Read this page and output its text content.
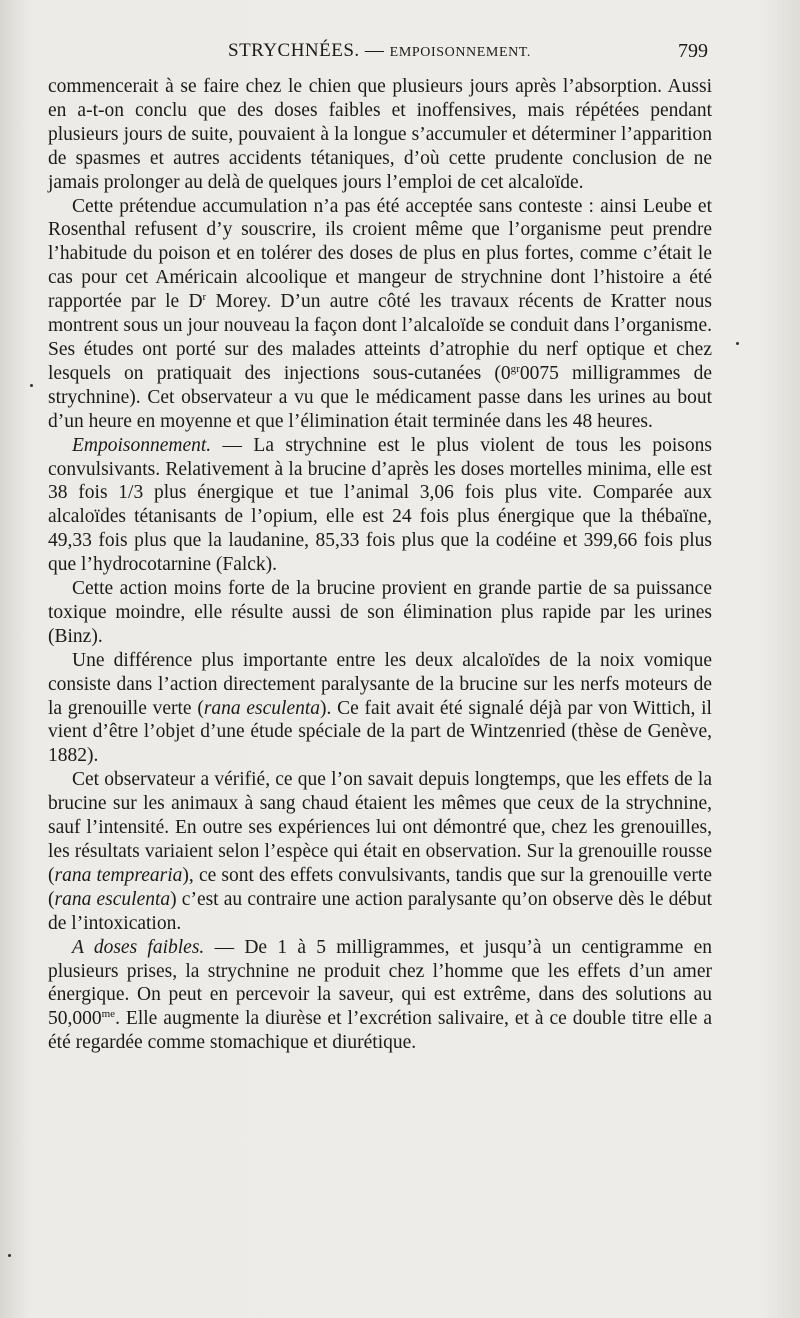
STRYCHNÉES. — EMPOISONNEMENT.	799

commencerait à se faire chez le chien que plusieurs jours après l’absorption. Aussi en a-t-on conclu que des doses faibles et inoffensives, mais répétées pendant plusieurs jours de suite, pouvaient à la longue s’accumuler et déterminer l’apparition de spasmes et autres accidents tétaniques, d’où cette prudente conclusion de ne jamais prolonger au delà de quelques jours l’emploi de cet alcaloïde.

Cette prétendue accumulation n’a pas été acceptée sans conteste : ainsi Leube et Rosenthal refusent d’y souscrire, ils croient même que l’organisme peut prendre l’habitude du poison et en tolérer des doses de plus en plus fortes, comme c’était le cas pour cet Américain alcoolique et mangeur de strychnine dont l’histoire a été rapportée par le $D^r$ Morey. D’un autre côté les travaux récents de Kratter nous montrent sous un jour nouveau la façon dont l’alcaloïde se conduit dans l’organisme. Ses études ont porté sur des malades atteints d’atrophie du nerf optique et chez lesquels on pratiquait des injections sous-cutanées ($0^{gr}0075$ milligrammes de strychnine). Cet observateur a vu que le médicament passe dans les urines au bout d’un heure en moyenne et que l’élimination était terminée dans les 48 heures.

Empoisonnement. — La strychnine est le plus violent de tous les poisons convulsivants. Relativement à la brucine d’après les doses mortelles minima, elle est 38 fois 1/3 plus énergique et tue l’animal 3,06 fois plus vite. Comparée aux alcaloïdes tétanisants de l’opium, elle est 24 fois plus énergique que la thébaïne, 49,33 fois plus que la laudanine, 85,33 fois plus que la codéine et 399,66 fois plus que l’hydrocotarnine (Falck).

Cette action moins forte de la brucine provient en grande partie de sa puissance toxique moindre, elle résulte aussi de son élimination plus rapide par les urines (Binz).

Une différence plus importante entre les deux alcaloïdes de la noix vomique consiste dans l’action directement paralysante de la brucine sur les nerfs moteurs de la grenouille verte (rana esculenta). Ce fait avait été signalé déjà par von Wittich, il vient d’être l’objet d’une étude spéciale de la part de Wintzenried (thèse de Genève, 1882).

Cet observateur a vérifié, ce que l’on savait depuis longtemps, que les effets de la brucine sur les animaux à sang chaud étaient les mêmes que ceux de la strychnine, sauf l’intensité. En outre ses expériences lui ont démontré que, chez les grenouilles, les résultats variaient selon l’espèce qui était en observation. Sur la grenouille rousse (rana temprearia), ce sont des effets convulsivants, tandis que sur la grenouille verte (rana esculenta) c’est au contraire une action paralysante qu’on observe dès le début de l’intoxication.

A doses faibles. — De 1 à 5 milligrammes, et jusqu’à un centigramme en plusieurs prises, la strychnine ne produit chez l’homme que les effets d’un amer énergique. On peut en percevoir la saveur, qui est extrême, dans des solutions au $50,000^{me}$. Elle augmente la diurèse et l’excrétion salivaire, et à ce double titre elle a été regardée comme stomachique et diurétique.
